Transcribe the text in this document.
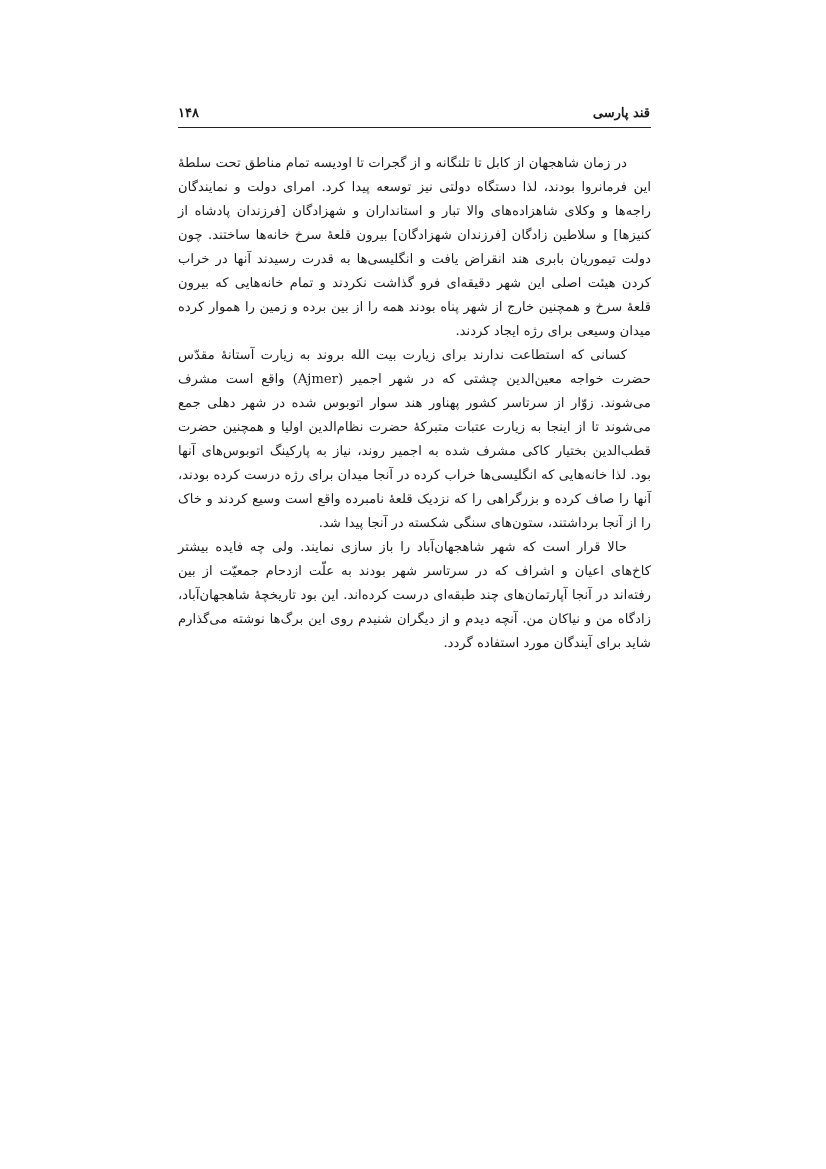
قند پارسی
۱۴۸

در زمان شاهجهان از کابل تا تلنگانه و از گجرات تا اودیسه تمام مناطق تحت سلطهٔ این فرمانروا بودند، لذا دستگاه دولتی نیز توسعه پیدا کرد. امرای دولت و نمایندگان راجه‌ها و وکلای شاهزاده‌های والا تبار و استانداران و شهزادگان [فرزندان پادشاه از کنیزها] و سلاطین زادگان [فرزندان شهزادگان] بیرون قلعهٔ سرخ خانه‌ها ساختند. چون دولت تیموریان بابری هند انقراض یافت و انگلیسی‌ها به قدرت رسیدند آنها در خراب کردن هیئت اصلی این شهر دقیقه‌ای فرو گذاشت نکردند و تمام خانه‌هایی که بیرون قلعهٔ سرخ و همچنین خارج از شهر پناه بودند همه را از بین برده و زمین را هموار کرده میدان وسیعی برای رژه ایجاد کردند.

کسانی که استطاعت ندارند برای زیارت بیت الله بروند به زیارت آستانهٔ مقدّس حضرت خواجه معین‌الدین چشتی که در شهر اجمیر (Ajmer) واقع است مشرف می‌شوند. زوّار از سرتاسر کشور پهناور هند سوار اتوبوس شده در شهر دهلی جمع می‌شوند تا از اینجا به زیارت عتبات متبرکهٔ حضرت نظام‌الدین اولیا و همچنین حضرت قطب‌الدین بختیار کاکی مشرف شده به اجمیر روند، نیاز به پارکینگ اتوبوس‌های آنها بود. لذا خانه‌هایی که انگلیسی‌ها خراب کرده در آنجا میدان برای رژه درست کرده بودند، آنها را صاف کرده و بزرگراهی را که نزدیک قلعهٔ نامبرده واقع است وسیع کردند و خاک را از آنجا برداشتند، ستون‌های سنگی شکسته در آنجا پیدا شد.

حالا قرار است که شهر شاهجهان‌آباد را باز سازی نمایند. ولی چه فایده بیشتر کاخ‌های اعیان و اشراف که در سرتاسر شهر بودند به علّت ازدحام جمعیّت از بین رفته‌اند در آنجا آپارتمان‌های چند طبقه‌ای درست کرده‌اند. این بود تاریخچهٔ شاهجهان‌آباد، زادگاه من و نیاکان من. آنچه دیدم و از دیگران شنیدم روی این برگ‌ها نوشته می‌گذارم شاید برای آیندگان مورد استفاده گردد.
